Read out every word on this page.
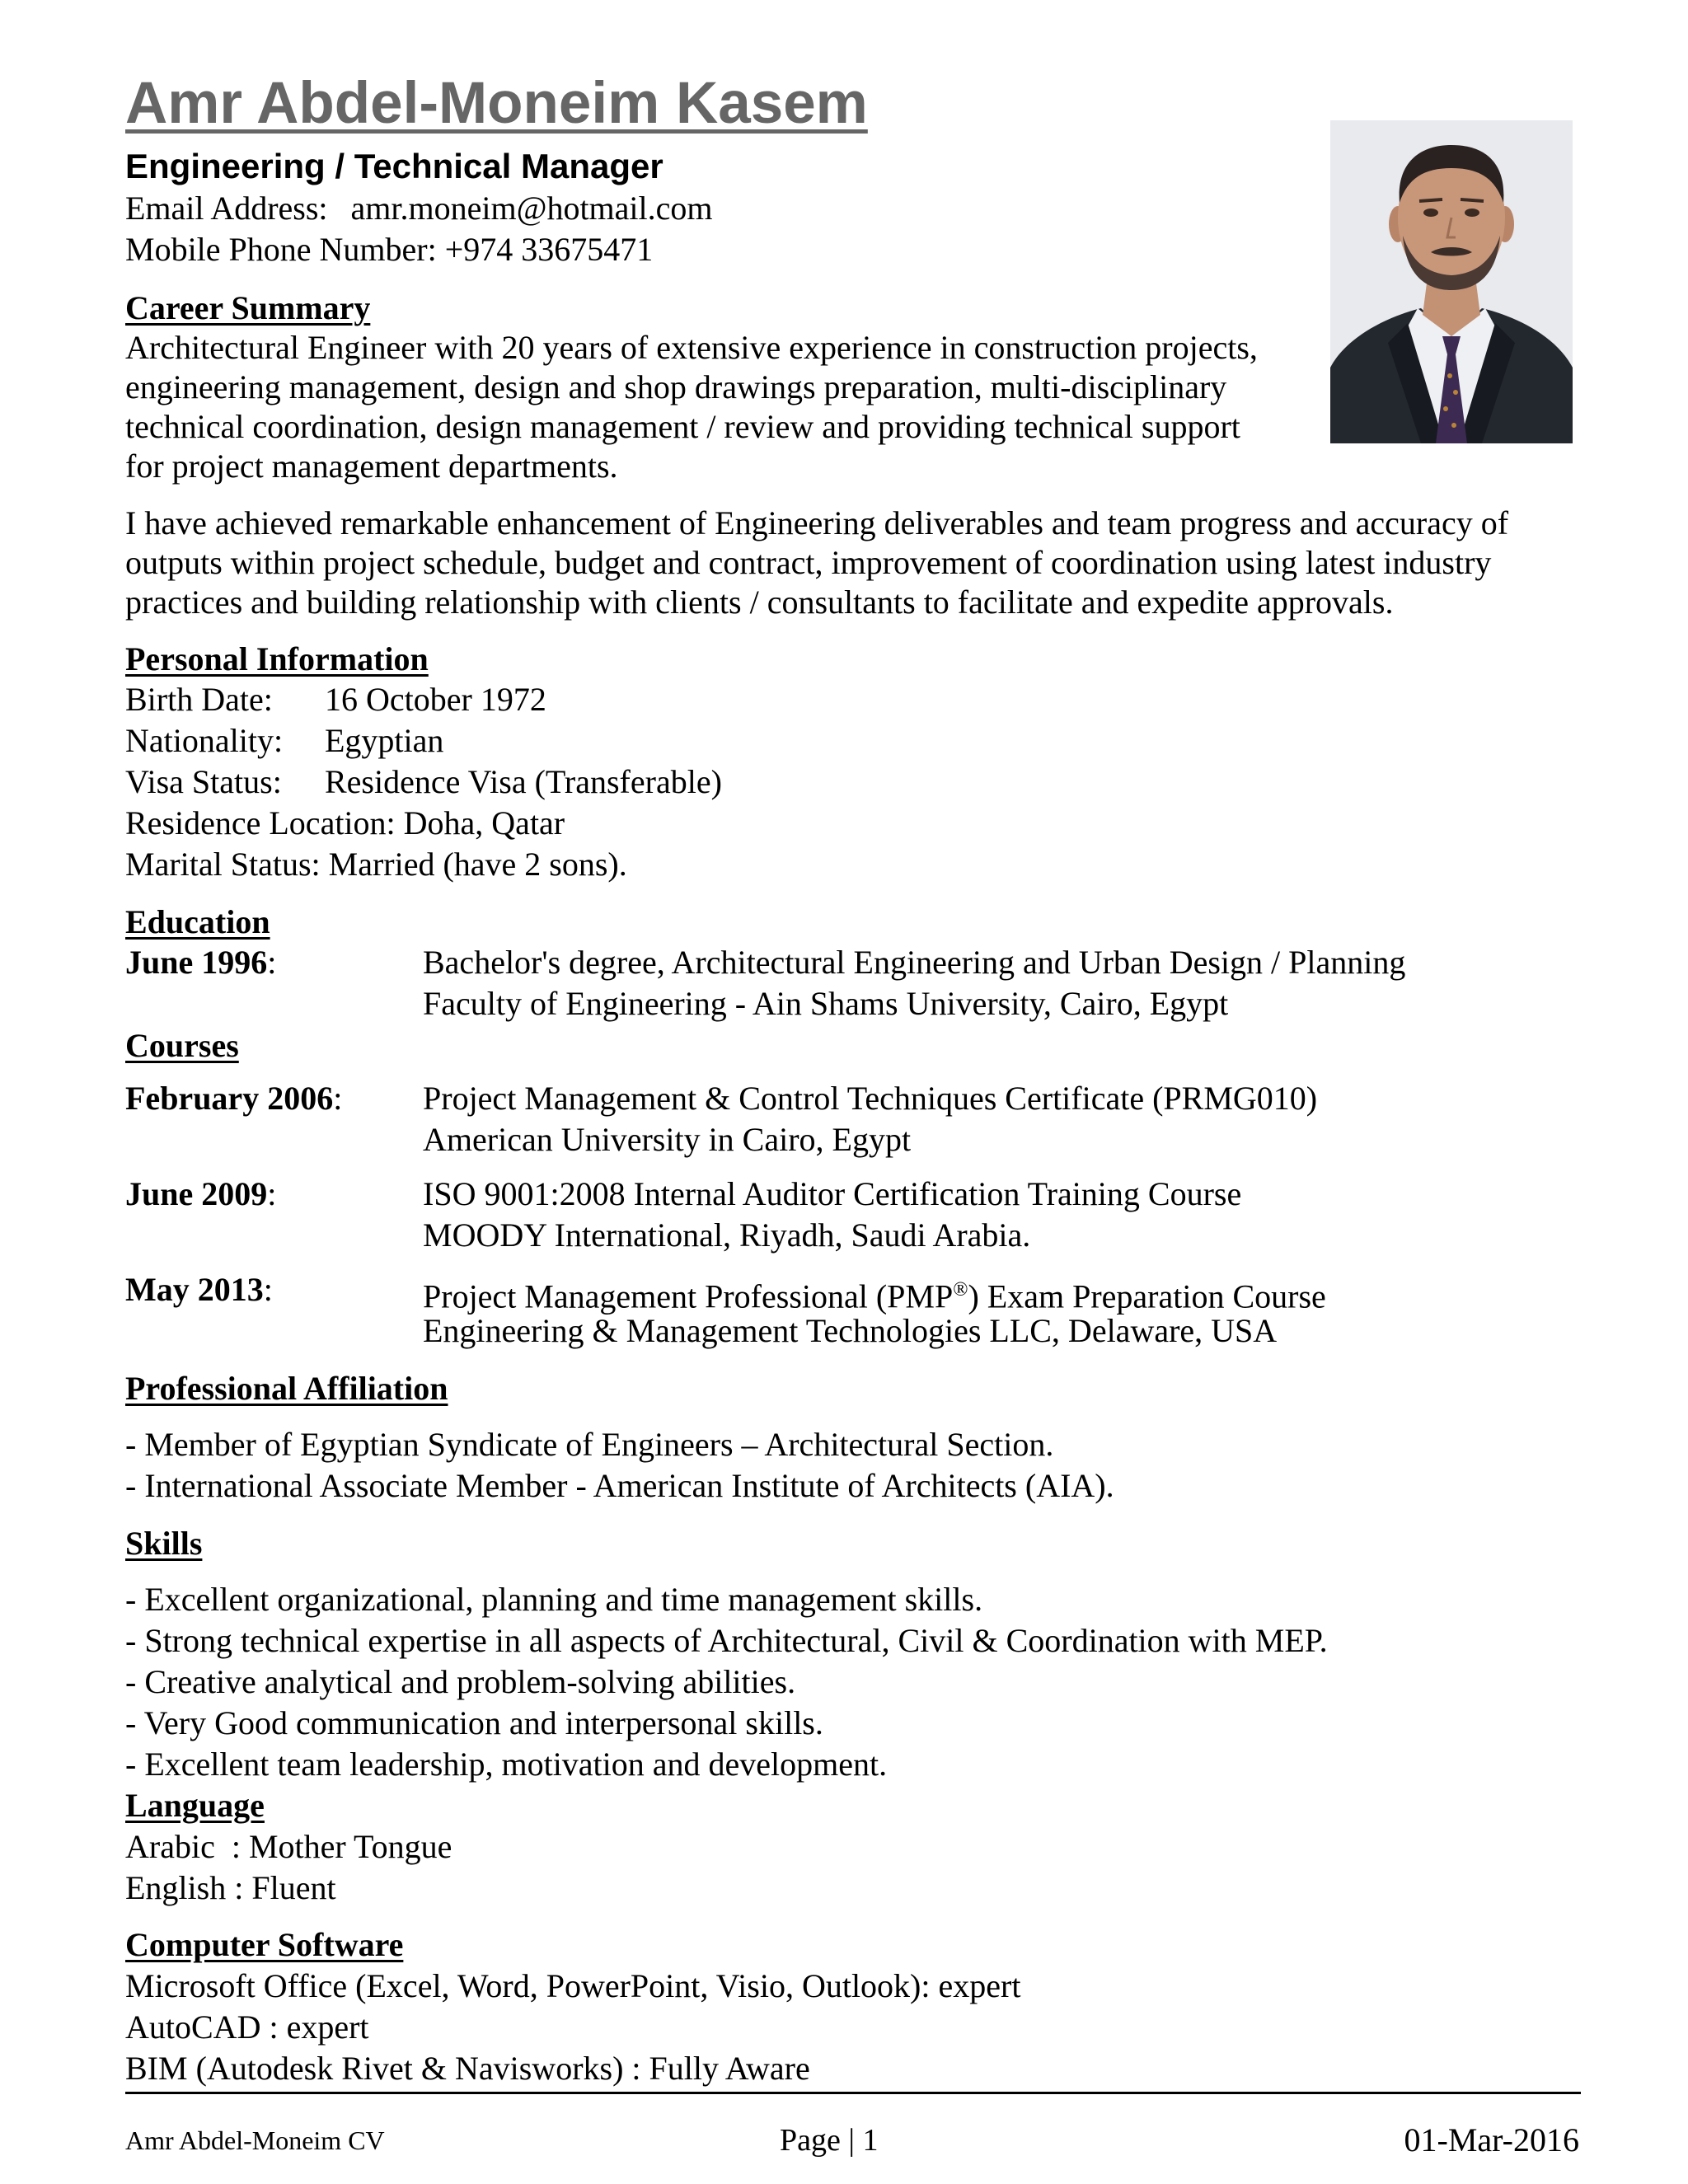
Amr Abdel-Moneim Kasem
Engineering / Technical Manager
Email Address: amr.moneim@hotmail.com
Mobile Phone Number: +974 33675471
Career Summary
Architectural Engineer with 20 years of extensive experience in construction projects,
engineering management, design and shop drawings preparation, multi-disciplinary
technical coordination, design management / review and providing technical support
for project management departments.
I have achieved remarkable enhancement of Engineering deliverables and team progress and accuracy of
outputs within project schedule, budget and contract, improvement of coordination using latest industry
practices and building relationship with clients / consultants to facilitate and expedite approvals.
Personal Information
Birth Date: 16 October 1972
Nationality: Egyptian
Visa Status: Residence Visa (Transferable)
Residence Location: Doha, Qatar
Marital Status: Married (have 2 sons).
Education
June 1996:	Bachelor's degree, Architectural Engineering and Urban Design / Planning
Faculty of Engineering - Ain Shams University, Cairo, Egypt
Courses
February 2006: Project Management & Control Techniques Certificate (PRMG010)
American University in Cairo, Egypt
June 2009:	ISO 9001:2008 Internal Auditor Certification Training Course
MOODY International, Riyadh, Saudi Arabia.
May 2013:	Project Management Professional (PMP®) Exam Preparation Course
Engineering & Management Technologies LLC, Delaware, USA
Professional Affiliation
- Member of Egyptian Syndicate of Engineers – Architectural Section.
- International Associate Member - American Institute of Architects (AIA).
Skills
- Excellent organizational, planning and time management skills.
- Strong technical expertise in all aspects of Architectural, Civil & Coordination with MEP.
- Creative analytical and problem-solving abilities.
- Very Good communication and interpersonal skills.
- Excellent team leadership, motivation and development.
Language
Arabic  : Mother Tongue
English : Fluent
Computer Software
Microsoft Office (Excel, Word, PowerPoint, Visio, Outlook): expert
AutoCAD : expert
BIM (Autodesk Rivet & Navisworks) : Fully Aware
Amr Abdel-Moneim CV	Page | 1	01-Mar-2016
